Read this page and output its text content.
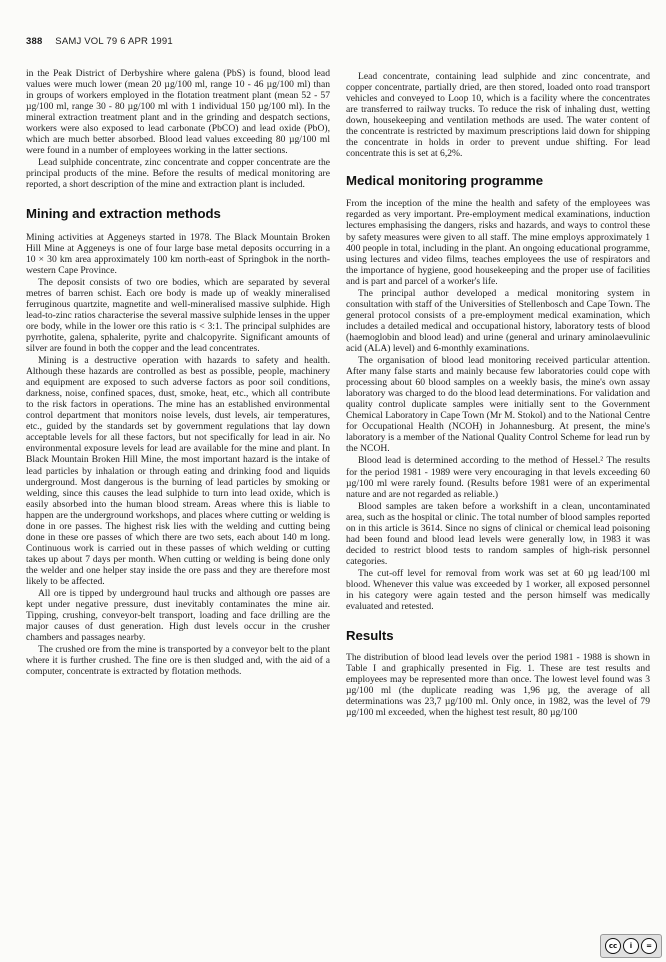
388 SAMJ VOL 79 6 APR 1991

in the Peak District of Derbyshire where galena (PbS) is found, blood lead values were much lower (mean 20 µg/100 ml, range 10 - 46 µg/100 ml) than in groups of workers employed in the flotation treatment plant (mean 52 - 57 µg/100 ml, range 30 - 80 µg/100 ml with 1 individual 150 µg/100 ml). In the mineral extraction treatment plant and in the grinding and despatch sections, workers were also exposed to lead carbonate (PbCO) and lead oxide (PbO), which are much better absorbed. Blood lead values exceeding 80 µg/100 ml were found in a number of employees working in the latter sections.

Lead sulphide concentrate, zinc concentrate and copper concentrate are the principal products of the mine. Before the results of medical monitoring are reported, a short description of the mine and extraction plant is included.

Mining and extraction methods

Mining activities at Aggeneys started in 1978. The Black Mountain Broken Hill Mine at Aggeneys is one of four large base metal deposits occurring in a 10 × 30 km area approximately 100 km north-east of Springbok in the north-western Cape Province.

The deposit consists of two ore bodies, which are separated by several metres of barren schist. Each ore body is made up of weakly mineralised ferruginous quartzite, magnetite and well-mineralised massive sulphide. High lead-to-zinc ratios characterise the several massive sulphide lenses in the upper ore body, while in the lower ore this ratio is < 3:1. The principal sulphides are pyrrhotite, galena, sphalerite, pyrite and chalcopyrite. Significant amounts of silver are found in both the copper and the lead concentrates.

Mining is a destructive operation with hazards to safety and health. Although these hazards are controlled as best as possible, people, machinery and equipment are exposed to such adverse factors as poor soil conditions, darkness, noise, confined spaces, dust, smoke, heat, etc., which all contribute to the risk factors in operations. The mine has an established environmental control department that monitors noise levels, dust levels, air temperatures, etc., guided by the standards set by government regulations that lay down acceptable levels for all these factors, but not specifically for lead in air. No environmental exposure levels for lead are available for the mine and plant. In Black Mountain Broken Hill Mine, the most important hazard is the intake of lead particles by inhalation or through eating and drinking food and liquids underground. Most dangerous is the burning of lead particles by smoking or welding, since this causes the lead sulphide to turn into lead oxide, which is easily absorbed into the human blood stream. Areas where this is liable to happen are the underground workshops, and places where cutting or welding is done in ore passes. The highest risk lies with the welding and cutting being done in these ore passes of which there are two sets, each about 140 m long. Continuous work is carried out in these passes of which welding or cutting takes up about 7 days per month. When cutting or welding is being done only the welder and one helper stay inside the ore pass and they are therefore most likely to be affected.

All ore is tipped by underground haul trucks and although ore passes are kept under negative pressure, dust inevitably contaminates the mine air. Tipping, crushing, conveyor-belt transport, loading and face drilling are the major causes of dust generation. High dust levels occur in the crusher chambers and passages nearby.

The crushed ore from the mine is transported by a conveyor belt to the plant where it is further crushed. The fine ore is then sludged and, with the aid of a computer, concentrate is extracted by flotation methods.

Lead concentrate, containing lead sulphide and zinc concentrate, and copper concentrate, partially dried, are then stored, loaded onto road transport vehicles and conveyed to Loop 10, which is a facility where the concentrates are transferred to railway trucks. To reduce the risk of inhaling dust, wetting down, housekeeping and ventilation methods are used. The water content of the concentrate is restricted by maximum prescriptions laid down for shipping the concentrate in holds in order to prevent undue shifting. For lead concentrate this is set at 6,2%.

Medical monitoring programme

From the inception of the mine the health and safety of the employees was regarded as very important. Pre-employment medical examinations, induction lectures emphasising the dangers, risks and hazards, and ways to control these by safety measures were given to all staff. The mine employs approximately 1 400 people in total, including in the plant. An ongoing educational programme, using lectures and video films, teaches employees the use of respirators and the importance of hygiene, good housekeeping and the proper use of facilities and is part and parcel of a worker's life.

The principal author developed a medical monitoring system in consultation with staff of the Universities of Stellenbosch and Cape Town. The general protocol consists of a pre-employment medical examination, which includes a detailed medical and occupational history, laboratory tests of blood (haemoglobin and blood lead) and urine (general and urinary aminolaevulinic acid (ALA) level) and 6-monthly examinations.

The organisation of blood lead monitoring received particular attention. After many false starts and mainly because few laboratories could cope with processing about 60 blood samples on a weekly basis, the mine's own assay laboratory was charged to do the blood lead determinations. For validation and quality control duplicate samples were initially sent to the Government Chemical Laboratory in Cape Town (Mr M. Stokol) and to the National Centre for Occupational Health (NCOH) in Johannesburg. At present, the mine's laboratory is a member of the National Quality Control Scheme for lead run by the NCOH.

Blood lead is determined according to the method of Hessel.² The results for the period 1981 - 1989 were very encouraging in that levels exceeding 60 µg/100 ml were rarely found. (Results before 1981 were of an experimental nature and are not regarded as reliable.)

Blood samples are taken before a workshift in a clean, uncontaminated area, such as the hospital or clinic. The total number of blood samples reported on in this article is 3614. Since no signs of clinical or chemical lead poisoning had been found and blood lead levels were generally low, in 1983 it was decided to restrict blood tests to random samples of high-risk personnel categories.

The cut-off level for removal from work was set at 60 µg lead/100 ml blood. Whenever this value was exceeded by 1 worker, all exposed personnel in his category were again tested and the person himself was medically evaluated and retested.

Results

The distribution of blood lead levels over the period 1981 - 1988 is shown in Table I and graphically presented in Fig. 1. These are test results and employees may be represented more than once. The lowest level found was 3 µg/100 ml (the duplicate reading was 1,96 µg, the average of all determinations was 23,7 µg/100 ml. Only once, in 1982, was the level of 79 µg/100 ml exceeded, when the highest test result, 80 µg/100

cc	i	=
